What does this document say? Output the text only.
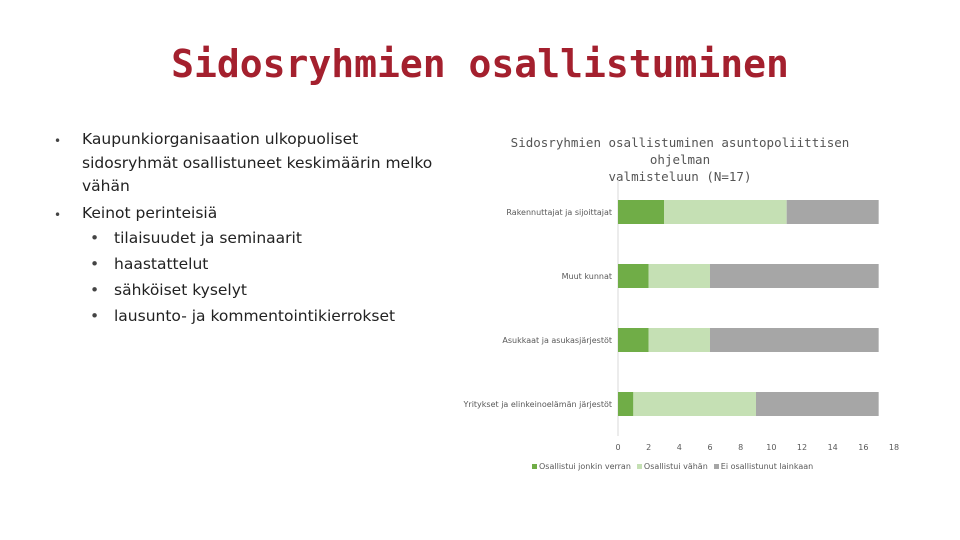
Sidosryhmien osallistuminen
• Kaupunkiorganisaation ulkopuoliset
sidosryhmät osallistuneet keskimäärin melko
vähän
• Keinot perinteisiä
• tilaisuudet ja seminaarit
• haastattelut
• sähköiset kyselyt
• lausunto- ja kommentointikierrokset
Sidosryhmien osallistuminen asuntopoliittisen ohjelman
valmisteluun (N=17)
Rakennuttajat ja sijoittajat
Muut kunnat
Asukkaat ja asukasjärjestöt
Yritykset ja elinkeinoelämän järjestöt
0	2	4	6	8	10	12	14	16	18
Osallistui jonkin verran Osallistui vähän Ei osallistunut lainkaan
